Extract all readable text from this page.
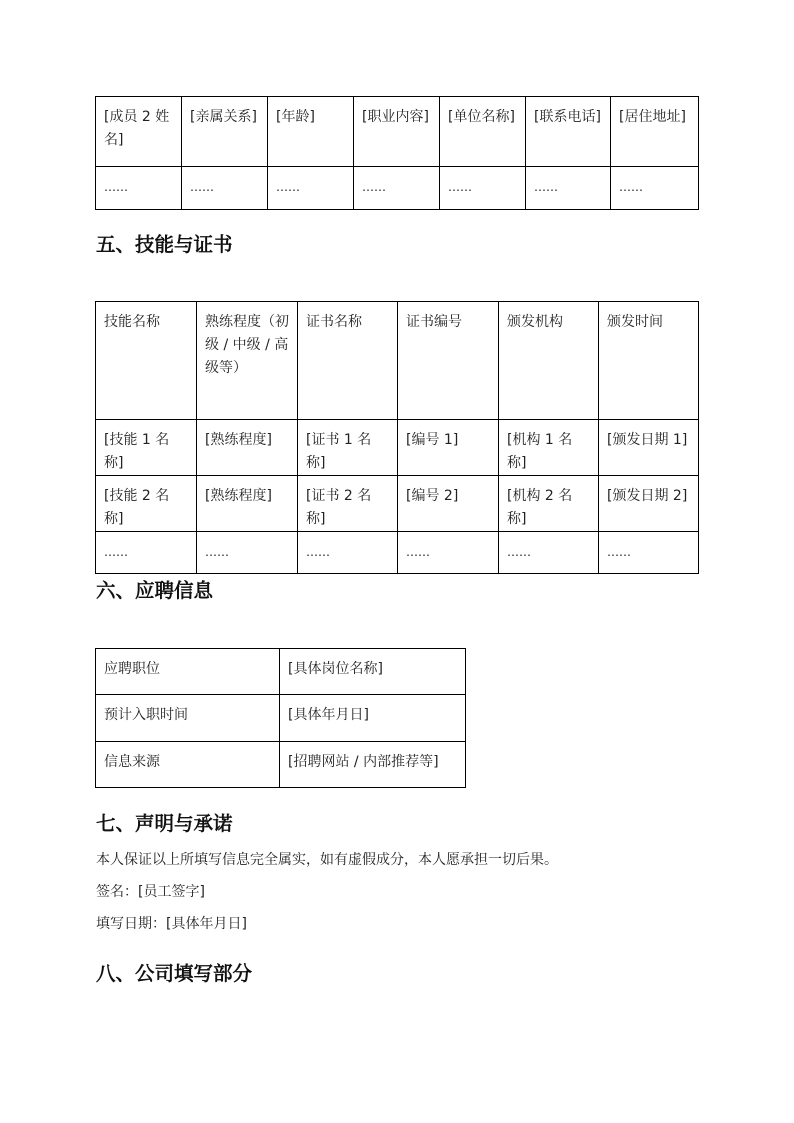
[成员 2 姓名]	[亲属关系]	[年龄]	[职业内容]	[单位名称]	[联系电话]	[居住地址]
……	……	……	……	……	……	……
五、技能与证书
技能名称	熟练程度（初级 / 中级 / 高级等）	证书名称	证书编号	颁发机构	颁发时间
[技能 1 名称]	[熟练程度]	[证书 1 名称]	[编号 1]	[机构 1 名称]	[颁发日期 1]
[技能 2 名称]	[熟练程度]	[证书 2 名称]	[编号 2]	[机构 2 名称]	[颁发日期 2]
……	……	……	……	……	……
六、应聘信息
应聘职位	[具体岗位名称]
预计入职时间	[具体年月日]
信息来源	[招聘网站 / 内部推荐等]
七、声明与承诺

本人保证以上所填写信息完全属实，如有虚假成分，本人愿承担一切后果。

签名：[员工签字]

填写日期：[具体年月日]

八、公司填写部分
